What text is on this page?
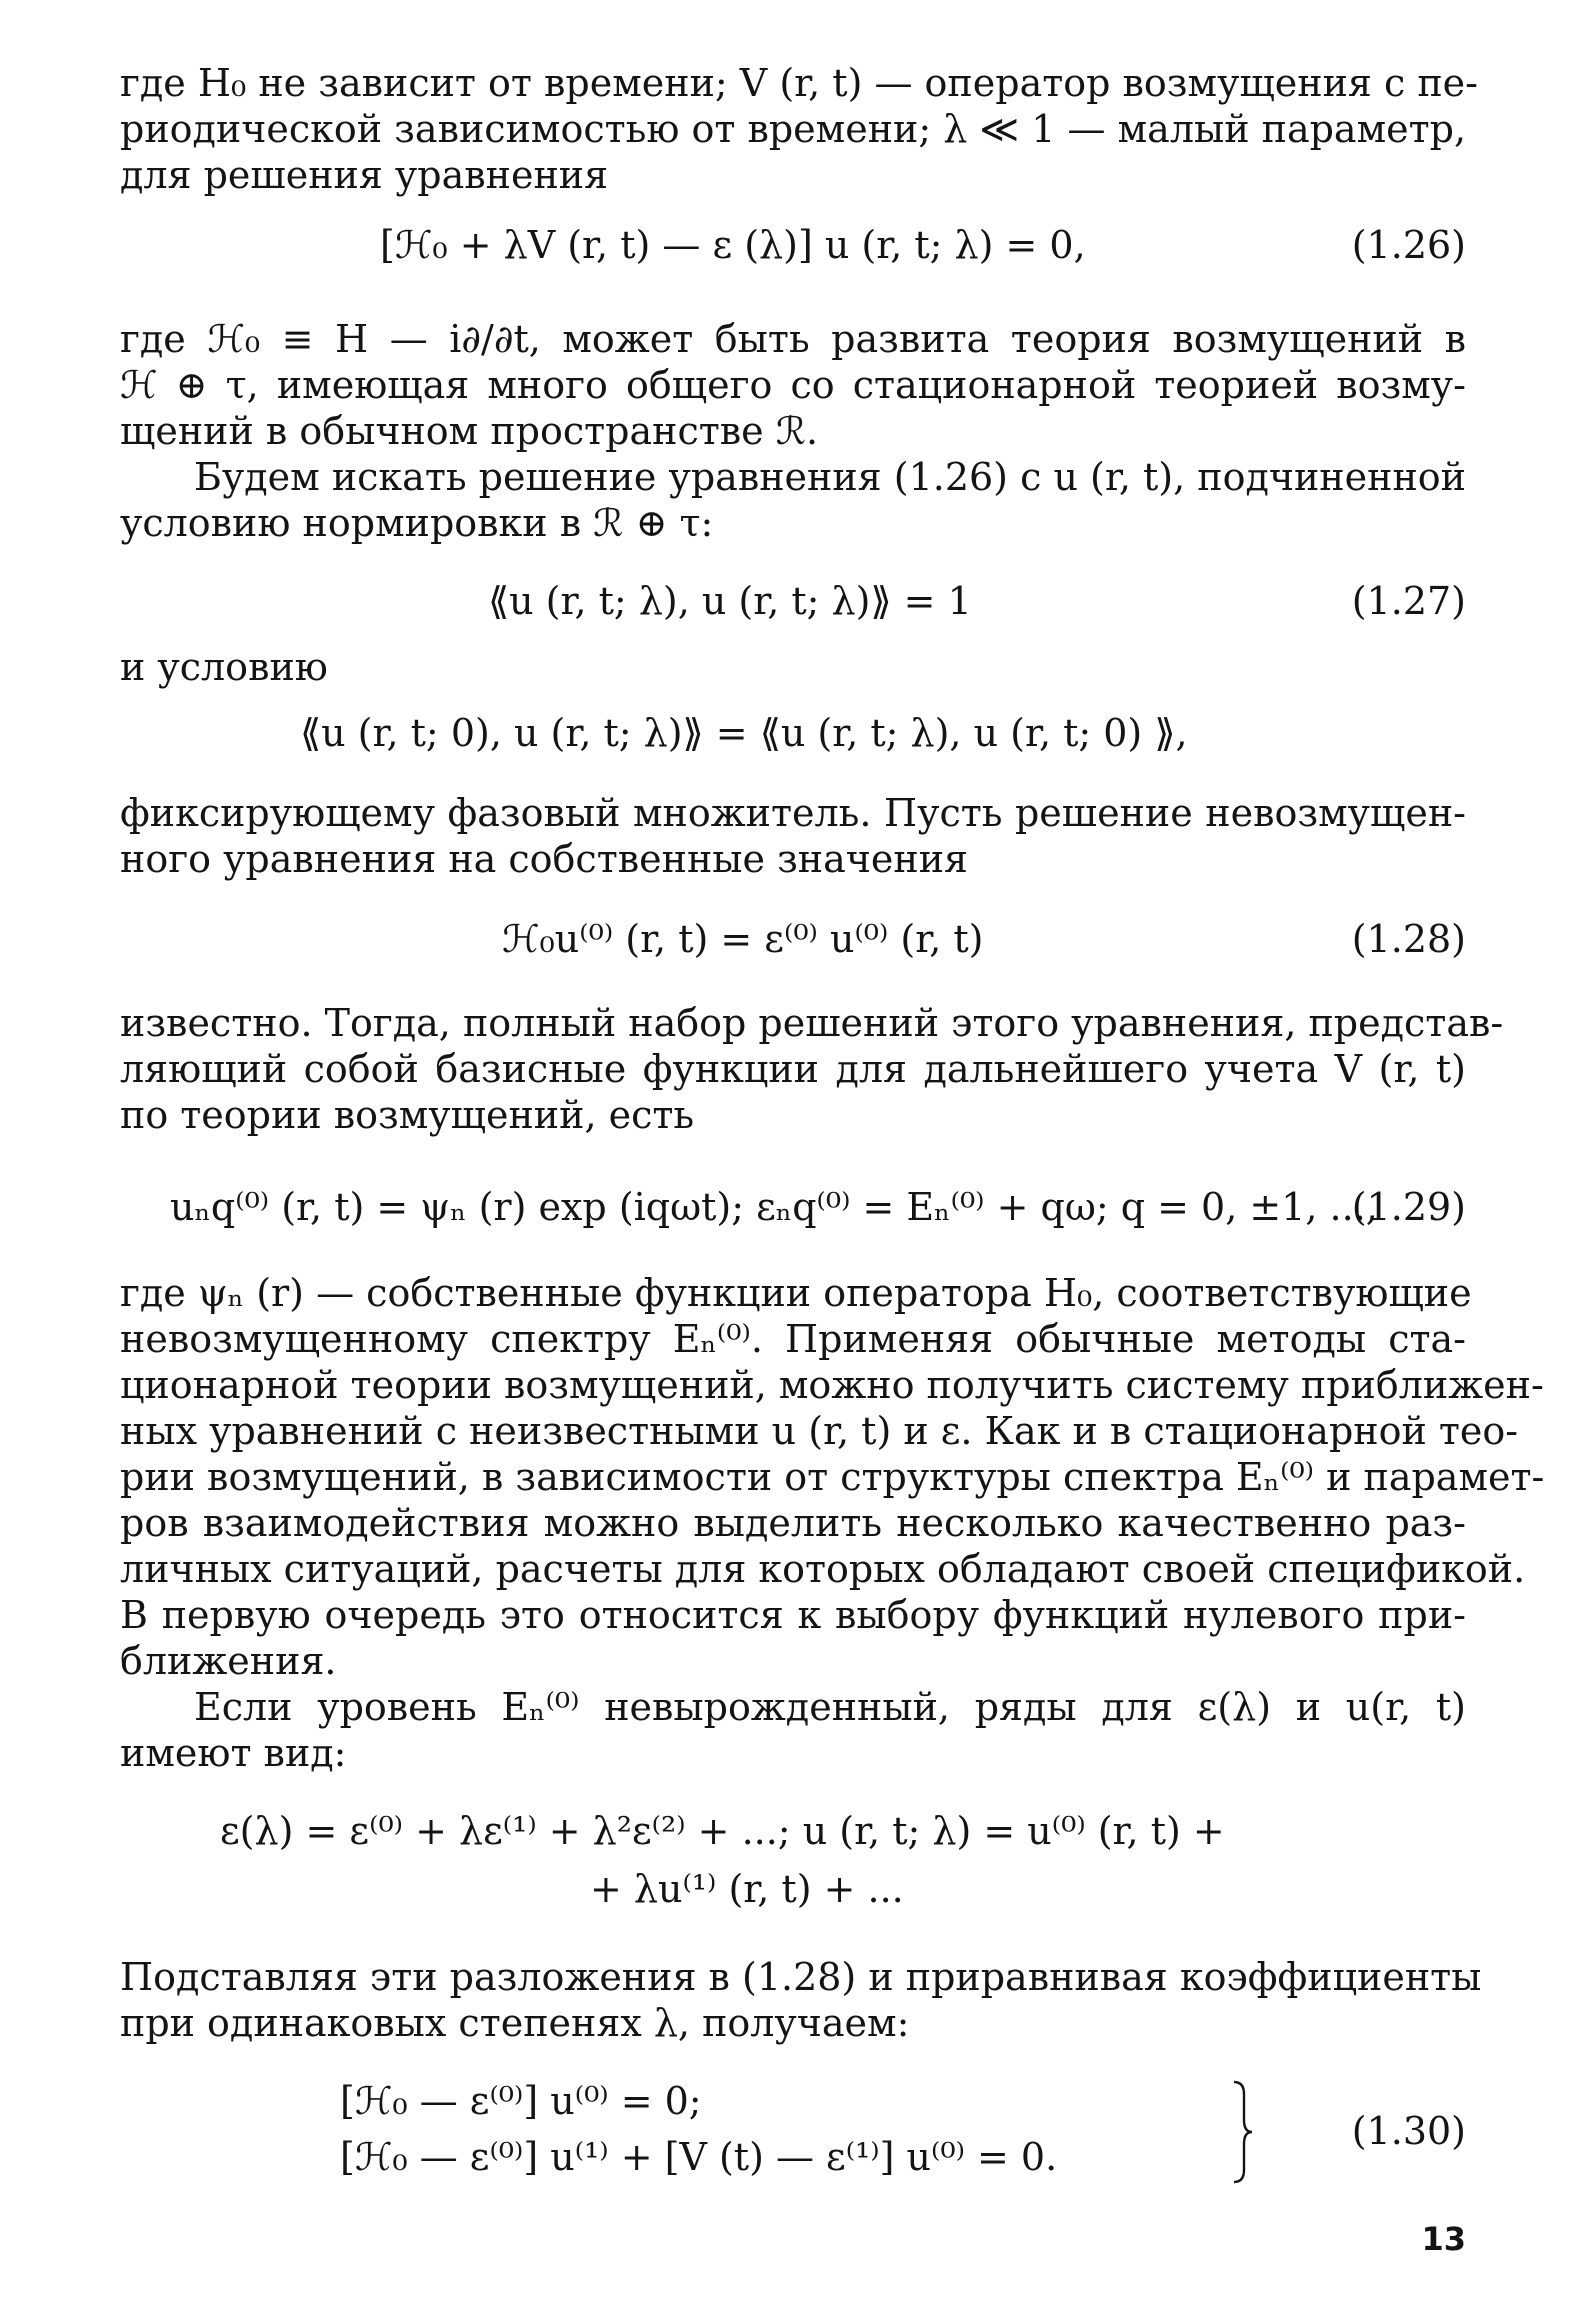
где H₀ не зависит от времени; V (r, t) — оператор возмущения с пе-
риодической зависимостью от времени; λ ≪ 1 — малый параметр,
для решения уравнения
[ℋ₀ + λV (r, t) — ε (λ)] u (r, t; λ) = 0,	(1.26)
где ℋ₀ ≡ H — i∂/∂t, может быть развита теория возмущений в
ℋ ⊕ τ, имеющая много общего со стационарной теорией возму-
щений в обычном пространстве ℛ.
Будем искать решение уравнения (1.26) с u (r, t), подчиненной
условию нормировки в ℛ ⊕ τ:
⟪u (r, t; λ), u (r, t; λ)⟫ = 1	(1.27)
и условию
⟪u (r, t; 0), u (r, t; λ)⟫ = ⟪u (r, t; λ), u (r, t; 0) ⟫,
фиксирующему фазовый множитель. Пусть решение невозмущен-
ного уравнения на собственные значения
ℋ₀u⁽⁰⁾ (r, t) = ε⁽⁰⁾ u⁽⁰⁾ (r, t)	(1.28)
известно. Тогда, полный набор решений этого уравнения, представ-
ляющий собой базисные функции для дальнейшего учета V (r, t)
по теории возмущений, есть
uₙq⁽⁰⁾ (r, t) = ψₙ (r) exp (iqωt); εₙq⁽⁰⁾ = Eₙ⁽⁰⁾ + qω; q = 0, ±1, ...,
(1.29)
где ψₙ (r) — собственные функции оператора H₀, соответствующие
невозмущенному спектру Eₙ⁽⁰⁾. Применяя обычные методы ста-
ционарной теории возмущений, можно получить систему приближен-
ных уравнений с неизвестными u (r, t) и ε. Как и в стационарной тео-
рии возмущений, в зависимости от структуры спектра Eₙ⁽⁰⁾ и парамет-
ров взаимодействия можно выделить несколько качественно раз-
личных ситуаций, расчеты для которых обладают своей спецификой.
В первую очередь это относится к выбору функций нулевого при-
ближения.
Если уровень Eₙ⁽⁰⁾ невырожденный, ряды для ε(λ) и u(r, t)
имеют вид:
ε(λ) = ε⁽⁰⁾ + λε⁽¹⁾ + λ²ε⁽²⁾ + ...; u (r, t; λ) = u⁽⁰⁾ (r, t) +
+ λu⁽¹⁾ (r, t) + ...
Подставляя эти разложения в (1.28) и приравнивая коэффициенты
при одинаковых степенях λ, получаем:
[ℋ₀ — ε⁽⁰⁾] u⁽⁰⁾ = 0;
[ℋ₀ — ε⁽⁰⁾] u⁽¹⁾ + [V (t) — ε⁽¹⁾] u⁽⁰⁾ = 0.
(1.30)
13
